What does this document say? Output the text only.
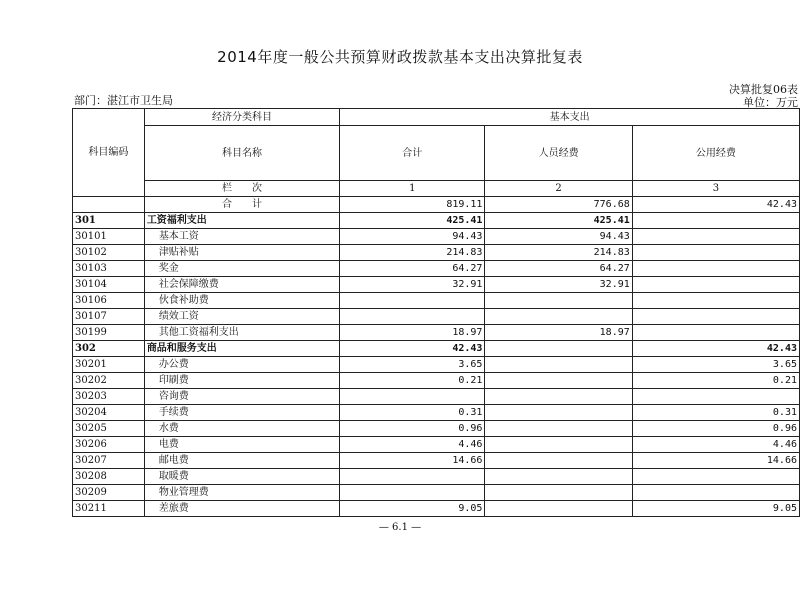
2014年度一般公共预算财政拨款基本支出决算批复表
部门：湛江市卫生局
决算批复06表
单位：万元
科目编码	经济分类科目	基本支出		
	科目名称	合计	人员经费	公用经费
	栏　　次	1	2	3
	合　　计	819.11	776.68	42.43
301	工资福利支出	425.41	425.41	
30101	基本工资	94.43	94.43	
30102	津贴补贴	214.83	214.83	
30103	奖金	64.27	64.27	
30104	社会保障缴费	32.91	32.91	
30106	伙食补助费			
30107	绩效工资			
30199	其他工资福利支出	18.97	18.97	
302	商品和服务支出	42.43		42.43
30201	办公费	3.65		3.65
30202	印刷费	0.21		0.21
30203	咨询费			
30204	手续费	0.31		0.31
30205	水费	0.96		0.96
30206	电费	4.46		4.46
30207	邮电费	14.66		14.66
30208	取暖费			
30209	物业管理费			
30211	差旅费	9.05		9.05
— 6.1 —
